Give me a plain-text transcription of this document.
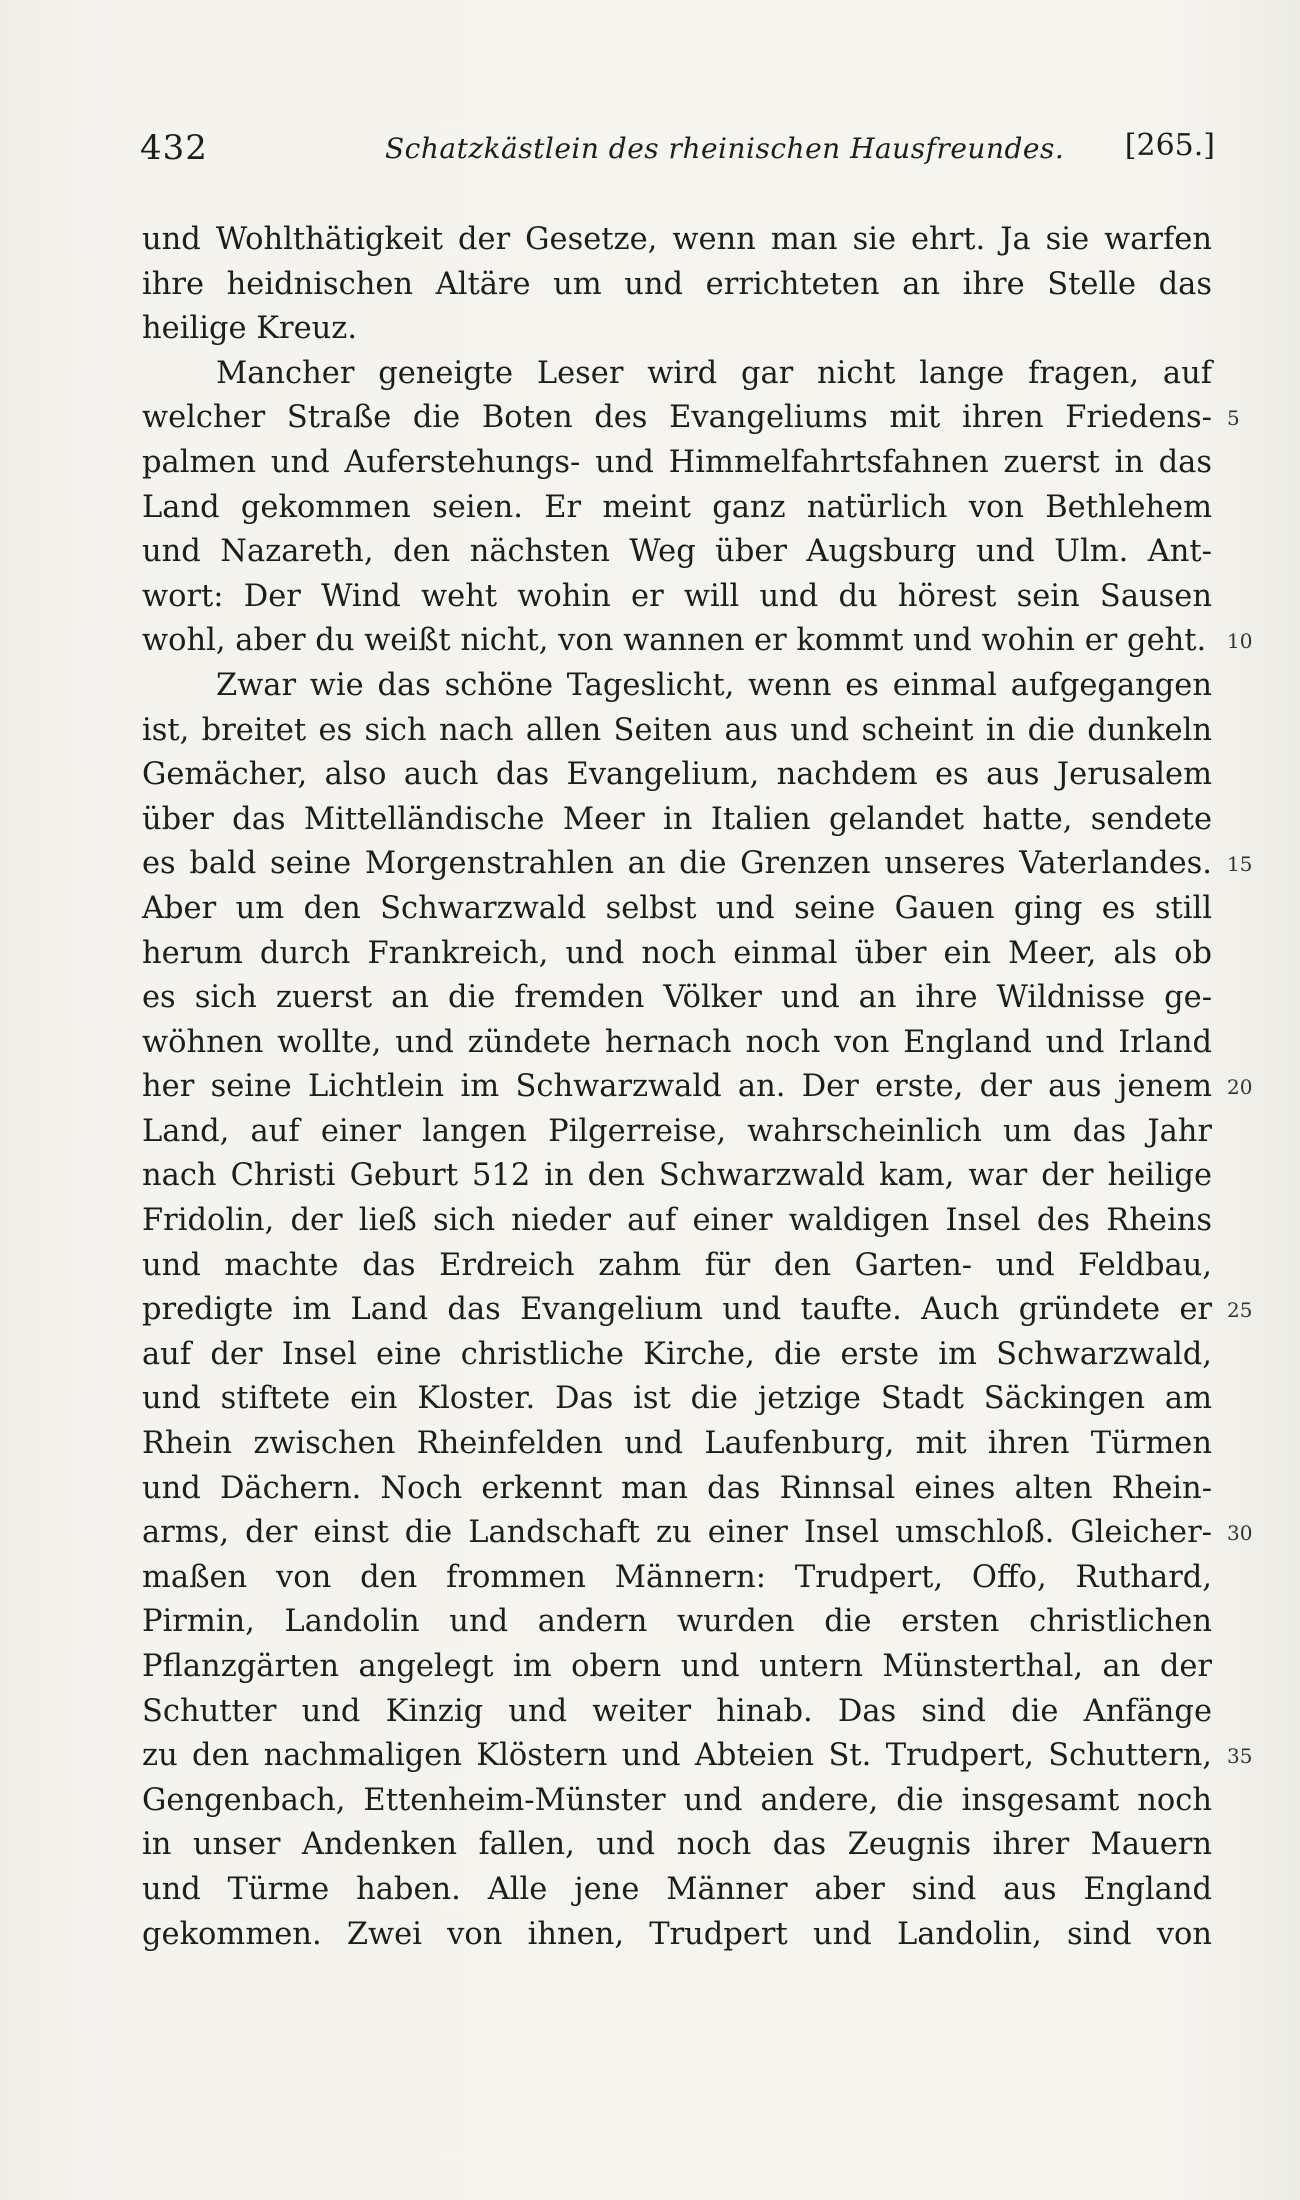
432	Schatzkästlein des rheinischen Hausfreundes. [265.]
und Wohlthätigkeit der Gesetze, wenn man sie ehrt. Ja sie warfen
ihre heidnischen Altäre um und errichteten an ihre Stelle das
heilige Kreuz.
Mancher geneigte Leser wird gar nicht lange fragen, auf
welcher Straße die Boten des Evangeliums mit ihren Friedens- 5
palmen und Auferstehungs- und Himmelfahrtsfahnen zuerst in das
Land gekommen seien. Er meint ganz natürlich von Bethlehem
und Nazareth, den nächsten Weg über Augsburg und Ulm. Ant-
wort: Der Wind weht wohin er will und du hörest sein Sausen
wohl, aber du weißt nicht, von wannen er kommt und wohin er geht. 10
Zwar wie das schöne Tageslicht, wenn es einmal aufgegangen
ist, breitet es sich nach allen Seiten aus und scheint in die dunkeln
Gemächer, also auch das Evangelium, nachdem es aus Jerusalem
über das Mittelländische Meer in Italien gelandet hatte, sendete
es bald seine Morgenstrahlen an die Grenzen unseres Vaterlandes. 15
Aber um den Schwarzwald selbst und seine Gauen ging es still
herum durch Frankreich, und noch einmal über ein Meer, als ob
es sich zuerst an die fremden Völker und an ihre Wildnisse ge-
wöhnen wollte, und zündete hernach noch von England und Irland
her seine Lichtlein im Schwarzwald an. Der erste, der aus jenem 20
Land, auf einer langen Pilgerreise, wahrscheinlich um das Jahr
nach Christi Geburt 512 in den Schwarzwald kam, war der heilige
Fridolin, der ließ sich nieder auf einer waldigen Insel des Rheins
und machte das Erdreich zahm für den Garten- und Feldbau,
predigte im Land das Evangelium und taufte. Auch gründete er 25
auf der Insel eine christliche Kirche, die erste im Schwarzwald,
und stiftete ein Kloster. Das ist die jetzige Stadt Säckingen am
Rhein zwischen Rheinfelden und Laufenburg, mit ihren Türmen
und Dächern. Noch erkennt man das Rinnsal eines alten Rhein-
arms, der einst die Landschaft zu einer Insel umschloß. Gleicher- 30
maßen von den frommen Männern: Trudpert, Offo, Ruthard,
Pirmin, Landolin und andern wurden die ersten christlichen
Pflanzgärten angelegt im obern und untern Münsterthal, an der
Schutter und Kinzig und weiter hinab. Das sind die Anfänge
zu den nachmaligen Klöstern und Abteien St. Trudpert, Schuttern, 35
Gengenbach, Ettenheim-Münster und andere, die insgesamt noch
in unser Andenken fallen, und noch das Zeugnis ihrer Mauern
und Türme haben. Alle jene Männer aber sind aus England
gekommen. Zwei von ihnen, Trudpert und Landolin, sind von
